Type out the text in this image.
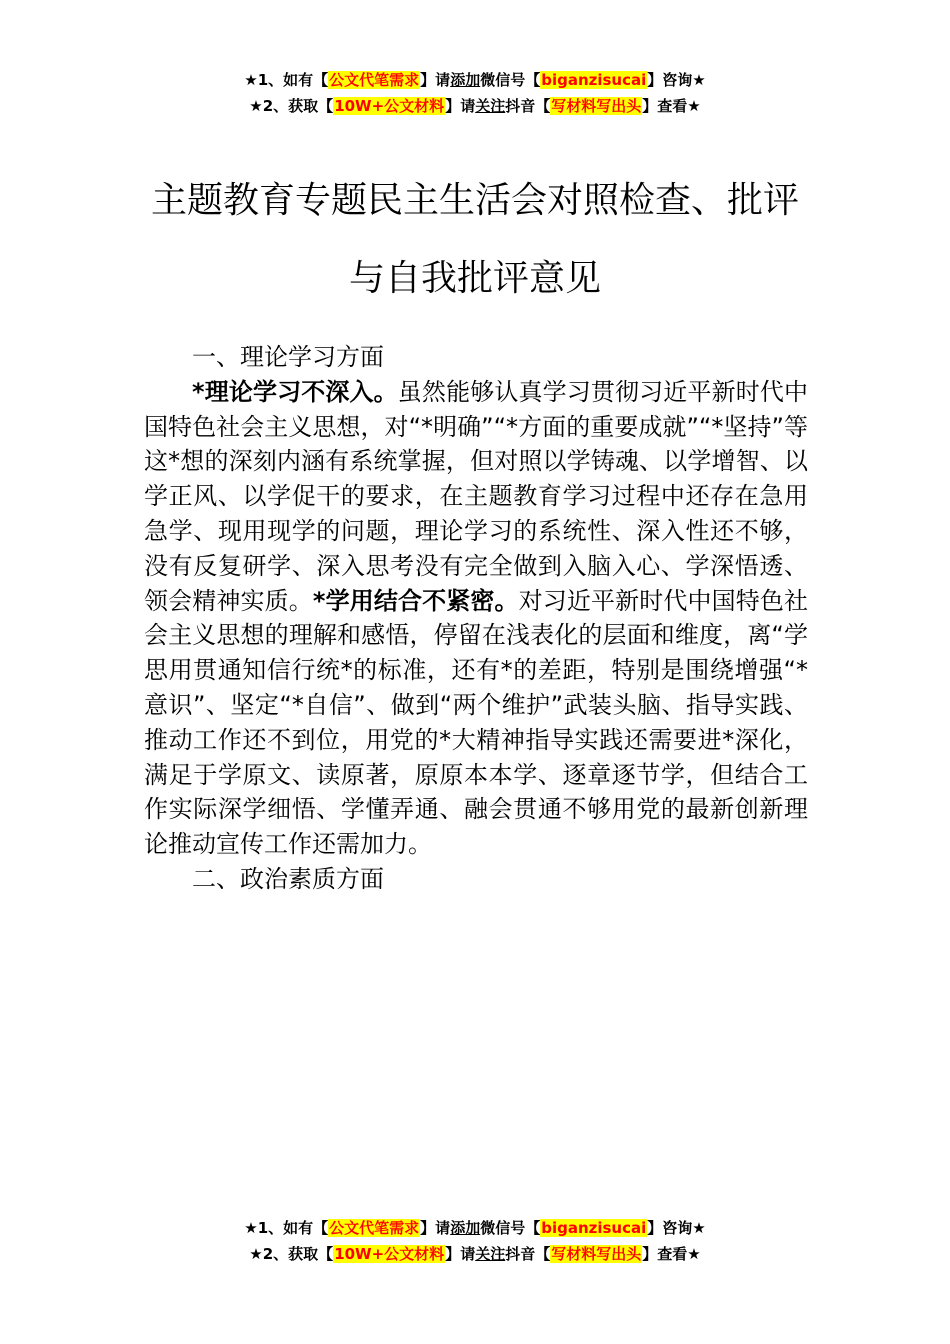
★1、如有【公文代笔需求】请添加微信号【biganzisucai】咨询★
★2、获取【10W+公文材料】请关注抖音【写材料写出头】查看★
主题教育专题民主生活会对照检查、批评
与自我批评意见

一、理论学习方面

*理论学习不深入。虽然能够认真学习贯彻习近平新时代中国特色社会主义思想，对“*明确”“*方面的重要成就”“*坚持”等这*想的深刻内涵有系统掌握，但对照以学铸魂、以学增智、以学正风、以学促干的要求，在主题教育学习过程中还存在急用急学、现用现学的问题，理论学习的系统性、深入性还不够，没有反复研学、深入思考没有完全做到入脑入心、学深悟透、领会精神实质。*学用结合不紧密。对习近平新时代中国特色社会主义思想的理解和感悟，停留在浅表化的层面和维度，离“学思用贯通知信行统*的标准，还有*的差距，特别是围绕增强“*意识”、坚定“*自信”、做到“两个维护”武装头脑、指导实践、推动工作还不到位，用党的*大精神指导实践还需要进*深化，满足于学原文、读原著，原原本本学、逐章逐节学，但结合工作实际深学细悟、学懂弄通、融会贯通不够用党的最新创新理论推动宣传工作还需加力。

二、政治素质方面

★1、如有【公文代笔需求】请添加微信号【biganzisucai】咨询★
★2、获取【10W+公文材料】请关注抖音【写材料写出头】查看★
